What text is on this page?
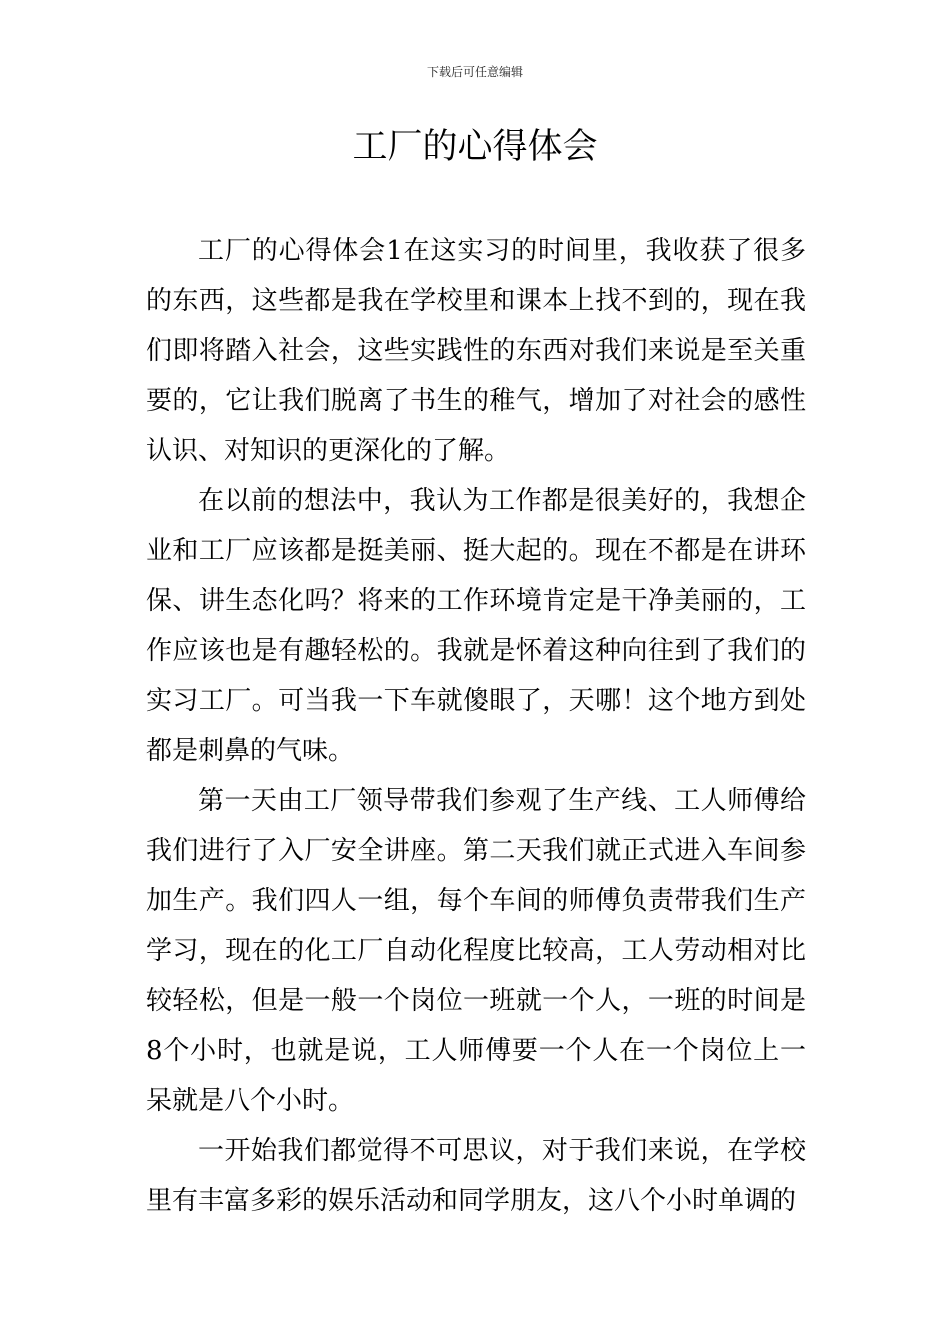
下载后可任意编辑
工厂的心得体会

工厂的心得体会1在这实习的时间里，我收获了很多的东西，这些都是我在学校里和课本上找不到的，现在我们即将踏入社会，这些实践性的东西对我们来说是至关重要的，它让我们脱离了书生的稚气，增加了对社会的感性认识、对知识的更深化的了解。

在以前的想法中，我认为工作都是很美好的，我想企业和工厂应该都是挺美丽、挺大起的。现在不都是在讲环保、讲生态化吗？将来的工作环境肯定是干净美丽的，工作应该也是有趣轻松的。我就是怀着这种向往到了我们的实习工厂。可当我一下车就傻眼了，天哪！这个地方到处都是刺鼻的气味。

第一天由工厂领导带我们参观了生产线、工人师傅给我们进行了入厂安全讲座。第二天我们就正式进入车间参加生产。我们四人一组，每个车间的师傅负责带我们生产学习，现在的化工厂自动化程度比较高，工人劳动相对比较轻松，但是一般一个岗位一班就一个人，一班的时间是8个小时，也就是说，工人师傅要一个人在一个岗位上一呆就是八个小时。

一开始我们都觉得不可思议，对于我们来说，在学校里有丰富多彩的娱乐活动和同学朋友，这八个小时单调的
